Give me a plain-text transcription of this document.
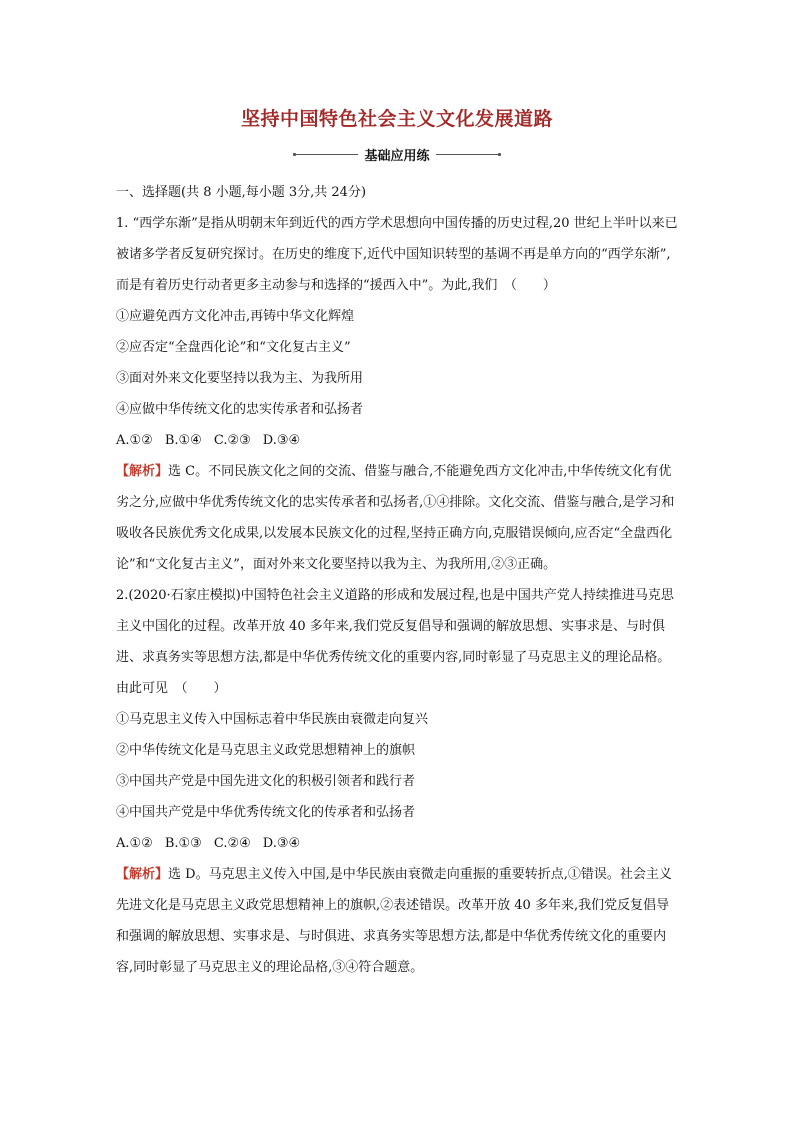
坚持中国特色社会主义文化发展道路
基础应用练

一、选择题(共 8 小题,每小题 3分,共 24分)

1. “西学东渐”是指从明朝末年到近代的西方学术思想向中国传播的历史过程,20 世纪上半叶以来已被诸多学者反复研究探讨。在历史的维度下,近代中国知识转型的基调不再是单方向的“西学东渐”,而是有着历史行动者更多主动参与和选择的“援西入中”。为此,我们　（　　）

①应避免西方文化冲击,再铸中华文化辉煌

②应否定“全盘西化论”和“文化复古主义”

③面对外来文化要坚持以我为主、为我所用

④应做中华传统文化的忠实传承者和弘扬者

A.①② B.①④ C.②③ D.③④

【解析】选 C。不同民族文化之间的交流、借鉴与融合,不能避免西方文化冲击,中华传统文化有优劣之分,应做中华优秀传统文化的忠实传承者和弘扬者,①④排除。文化交流、借鉴与融合,是学习和吸收各民族优秀文化成果,以发展本民族文化的过程,坚持正确方向,克服错误倾向,应否定“全盘西化论”和“文化复古主义”，面对外来文化要坚持以我为主、为我所用,②③正确。

2.(2020·石家庄模拟)中国特色社会主义道路的形成和发展过程,也是中国共产党人持续推进马克思主义中国化的过程。改革开放 40 多年来,我们党反复倡导和强调的解放思想、实事求是、与时俱进、求真务实等思想方法,都是中华优秀传统文化的重要内容,同时彰显了马克思主义的理论品格。由此可见　（　　）

①马克思主义传入中国标志着中华民族由衰微走向复兴

②中华传统文化是马克思主义政党思想精神上的旗帜

③中国共产党是中国先进文化的积极引领者和践行者

④中国共产党是中华优秀传统文化的传承者和弘扬者

A.①② B.①③ C.②④ D.③④

【解析】选 D。马克思主义传入中国,是中华民族由衰微走向重振的重要转折点,①错误。社会主义先进文化是马克思主义政党思想精神上的旗帜,②表述错误。改革开放 40 多年来,我们党反复倡导和强调的解放思想、实事求是、与时俱进、求真务实等思想方法,都是中华优秀传统文化的重要内容,同时彰显了马克思主义的理论品格,③④符合题意。
